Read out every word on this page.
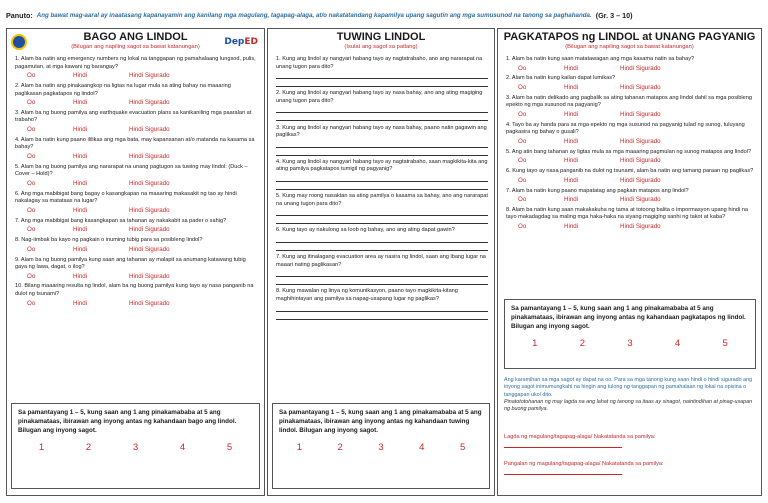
Panuto: Ang bawat mag-aaral ay inaatasang kapanayamin ang kanilang mga magulang, tagapag-alaga, at/o nakatatandang kapamilya upang sagutin ang mga sumusunod na tanong sa paghahanda. (Gr. 3 – 10)
DepED
BAGO ANG LINDOL
(Bilugan ang napiling sagot sa bawat katanungan)
1. Alam ba natin ang emergency numbers ng lokal na tanggapan ng pamahalaang lungsod, pulis, pagamutan, at mga kawani ng barangay?
Oo	Hindi	Hindi Sigurado
2. Alam ba natin ang pinakaangkop na ligtas na lugar mula sa ating bahay na maaaring paglikasan pagkatapos ng lindol?
Oo	Hindi	Hindi Sigurado
3. Alam ba ng buong pamilya ang earthquake evacuation plans sa kanikaniling mga paaralan at trabaho?
Oo	Hindi	Hindi Sigurado
4. Alam ba natin kung paano ililikas ang mga bata, may kapansanan at/o matanda na kasama sa bahay?
Oo	Hindi	Hindi Sigurado
5. Alam ba ng buong pamilya ang nararapat na unang pagtugon sa tuwing may lindol: (Duck – Cover – Hold)?
Oo	Hindi	Hindi Sigurado
6. Ang mga mabibigat bang bagay o kasangkapan na maaaring makasakit ng tao ay hindi nakalagay sa matataas na lugar?
Oo	Hindi	Hindi Sigurado
7. Ang mga mabibigat bang kasangkapan sa tahanan ay nakakabit sa pader o sahig?
Oo	Hindi	Hindi Sigurado
8. Nag-iimbak ba kayo ng pagkain o inuming tubig para sa posibleng lindol?
Oo	Hindi	Hindi Sigurado
9. Alam ba ng buong pamilya kung saan ang tahanan ay malapit sa anumang katawang tubig gaya ng lawa, dagat, o ilog?
Oo	Hindi	Hindi Sigurado
10. Bilang maaaring resulta ng lindol, alam ba ng buong pamilya kung tayo ay nasa panganib na dulot ng tsunami?
Oo	Hindi	Hindi Sigurado
Sa pamantayang 1 – 5, kung saan ang 1 ang pinakamababa at 5 ang pinakamataas, ibirawan ang inyong antas ng kahandaan bago ang lindol. Bilugan ang inyong sagot.
1	2	3	4	5
TUWING LINDOL
(Isulat ang sagot sa patlang)
1. Kung ang lindol ay nangyari habang tayo ay nagtatrabaho, ano ang nararapat na unang tugon para dito?
2. Kung ang lindol ay nangyari habang tayo ay nasa bahay, ano ang ating magiging unang tugon para dito?
3. Kung ang lindol ay nangyari habang tayo ay nasa bahay, paano natin gagawin ang paglikas?
4. Kung ang lindol ay nangyari habang tayo ay nagtatrabaho, saan magkikita-kita ang ating pamilya pagkatapos tumigil ng pagyanig?
5. Kung may roong nasaktan sa ating pamilya o kasama sa bahay, ano ang nararapat na unang tugon para dito?
6. Kung tayo ay nakulong sa loob ng bahay, ano ang ating dapat gawin?
7. Kung ang itinalagang evacuation area ay nasira ng lindol, saan ang ibang lugar na maaari nating paglikasan?
8. Kung mawalan ng linya ng komunikasyon, paano tayo magkikita-kitang maghihintayan ang pamilya sa napag-usapang lugar ng paglikas?
Sa pamantayang 1 – 5, kung saan ang 1 ang pinakamababa at 5 ang pinakamataas, ibirawan ang inyong antas ng kahandaan tuwing lindol. Bilugan ang inyong sagot.
1	2	3	4	5
PAGKATAPOS ng LINDOL at UNANG PAGYANIG
(Bilugan ang napiling sagot sa bawat katanungan)
1. Alam ba natin kung saan matatawagan ang mga kasama natin sa bahay?
Oo	Hindi	Hindi Sigurado
2. Alam ba natin kung kailan dapat lumikas?
Oo	Hindi	Hindi Sigurado
3. Alam ba natin delikado ang pagbalik sa ating tahanan matapos ang lindol dahil sa mga posibleng epekto ng mga susunod na pagyanig?
Oo	Hindi	Hindi Sigurado
4. Tayo ba ay handa para sa mga epekto ng mga susunod na pagyanig tulad ng sunog, tuluyang pagkasira ng bahay o gusali?
Oo	Hindi	Hindi Sigurado
5. Ang atin bang tahanan ay ligtas mula sa mga maaaring pagmulan ng sunog matapos ang lindol?
Oo	Hindi	Hindi Sigurado
6. Kung tayo ay nasa panganib na dulot ng tsunami, alam ba natin ang tamang paraan ng paglikas?
Oo	Hindi	Hindi Sigurado
7. Alam ba natin kung paano mapatatag ang pagkain matapos ang lindol?
Oo	Hindi	Hindi Sigurado
8. Alam ba natin kung saan makakakuha ng tama at totoong balita o impormasyon upang hindi na tayo makadagdag sa maling mga haka-haka na siyang magiging sanhi ng takot at kaba?
Oo	Hindi	Hindi Sigurado
Sa pamantayang 1 – 5, kung saan ang 1 ang pinakamababa at 5 ang pinakamataas, ibirawan ang inyong antas ng kahandaan pagkatapos ng lindol. Bilugan ang inyong sagot.
1	2	3	4	5
Ang karamihan sa mga sagot ay dapat na oo. Para sa mga tanong kung saan hindi o hindi sigurado ang inyong sagot inimumungkahi na hingin ang tulong ng tanggapan ng pamahalaan ng lokal na opisina o tanggapan ukol dito.
Pinatototohanan ng may lagda na ang lahat ng tanong sa itaas ay sinagot, naintindihan at pinag-usapan ng buong pamilya.
Lagda ng magulang/tagapag-alaga/ Nakatatanda sa pamilya:
Pangalan ng magulang/tagapag-alaga/ Nakatatanda sa pamilya:
